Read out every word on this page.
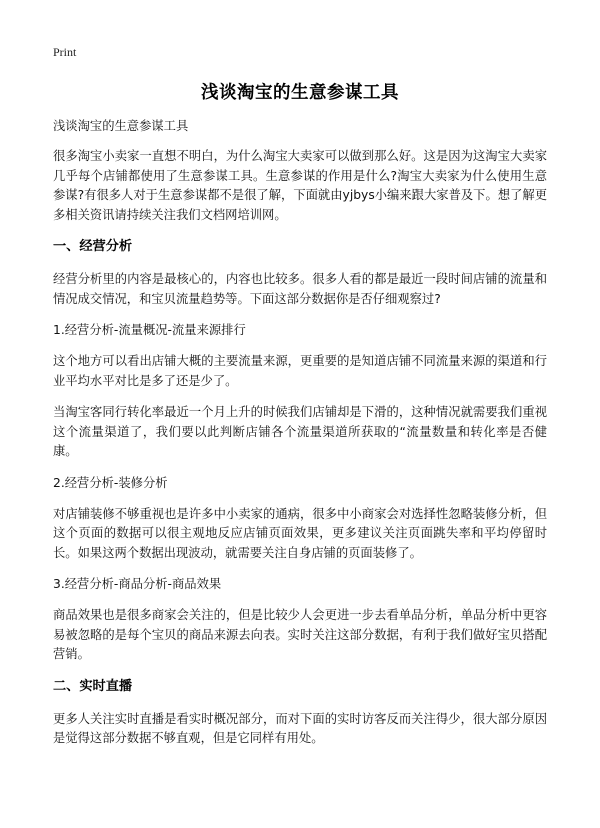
Print
浅谈淘宝的生意参谋工具
浅谈淘宝的生意参谋工具

很多淘宝小卖家一直想不明白，为什么淘宝大卖家可以做到那么好。这是因为这淘宝大卖家几乎每个店铺都使用了生意参谋工具。生意参谋的作用是什么?淘宝大卖家为什么使用生意参谋?有很多人对于生意参谋都不是很了解，下面就由yjbys小编来跟大家普及下。想了解更多相关资讯请持续关注我们文档网培训网。

一、经营分析

经营分析里的内容是最核心的，内容也比较多。很多人看的都是最近一段时间店铺的流量和情况成交情况，和宝贝流量趋势等。下面这部分数据你是否仔细观察过?

1.经营分析-流量概况-流量来源排行

这个地方可以看出店铺大概的主要流量来源，更重要的是知道店铺不同流量来源的渠道和行业平均水平对比是多了还是少了。

当淘宝客同行转化率最近一个月上升的时候我们店铺却是下滑的，这种情况就需要我们重视这个流量渠道了，我们要以此判断店铺各个流量渠道所获取的“流量数量和转化率是否健康。

2.经营分析-装修分析

对店铺装修不够重视也是许多中小卖家的通病，很多中小商家会对选择性忽略装修分析，但这个页面的数据可以很主观地反应店铺页面效果，更多建议关注页面跳失率和平均停留时长。如果这两个数据出现波动，就需要关注自身店铺的页面装修了。

3.经营分析-商品分析-商品效果

商品效果也是很多商家会关注的，但是比较少人会更进一步去看单品分析，单品分析中更容易被忽略的是每个宝贝的商品来源去向表。实时关注这部分数据，有利于我们做好宝贝搭配营销。

二、实时直播

更多人关注实时直播是看实时概况部分，而对下面的实时访客反而关注得少，很大部分原因是觉得这部分数据不够直观，但是它同样有用处。
